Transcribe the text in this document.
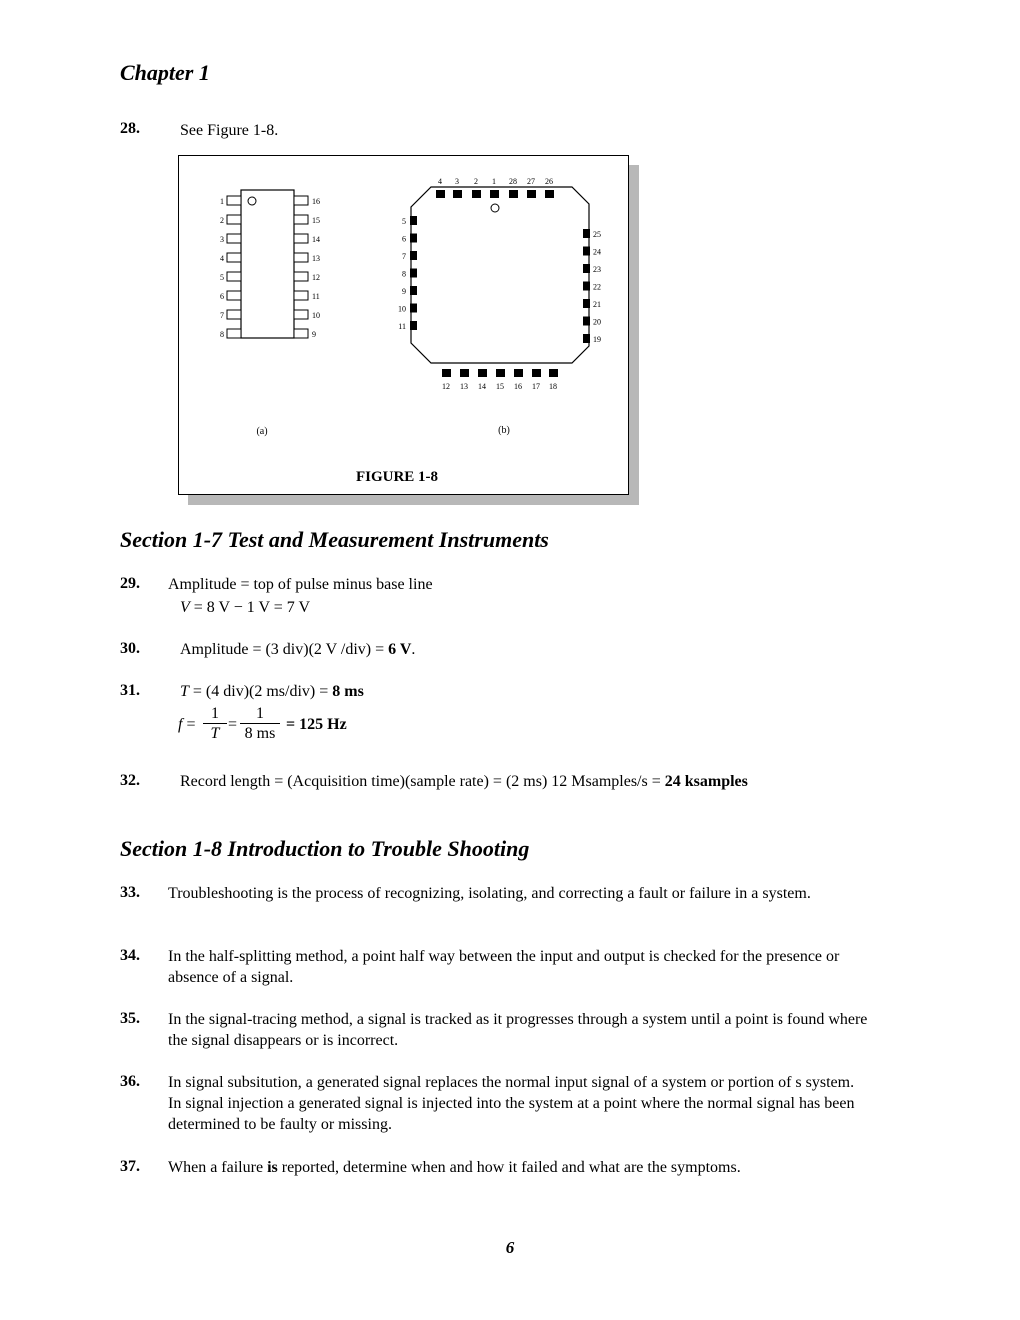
Chapter 1
28.	See Figure 1-8.
1
2
3
4
5
6
7
8
16
15
14
13
12
11
10
9
4 3 2 1 28 27 26
12 13 14 15 16 17 18
5
6
7
8
9
10
11
25
24
23
22
21
20
19
(a)	(b)
FIGURE 1-8
Section 1-7 Test and Measurement Instruments
29. Amplitude = top of pulse minus base line
V = 8 V − 1 V = 7 V
30.	Amplitude = (3 div)(2 V /div) = 6 V.
31.	T = (4 div)(2 ms/div) = 8 ms
$f = \frac{1}{T} = \frac{1}{8 ms} = 125$ Hz
32.	Record length = (Acquisition time)(sample rate) = (2 ms) 12 Msamples/s = 24 ksamples
Section 1-8 Introduction to Trouble Shooting
33. Troubleshooting is the process of recognizing, isolating, and correcting a fault or failure in a system.
34. In the half-splitting method, a point half way between the input and output is checked for the presence or absence of a signal.
35. In the signal-tracing method, a signal is tracked as it progresses through a system until a point is found where the signal disappears or is incorrect.
36. In signal subsitution, a generated signal replaces the normal input signal of a system or portion of s system. In signal injection a generated signal is injected into the system at a point where the normal signal has been determined to be faulty or missing.
37. When a failure is reported, determine when and how it failed and what are the symptoms.
6
